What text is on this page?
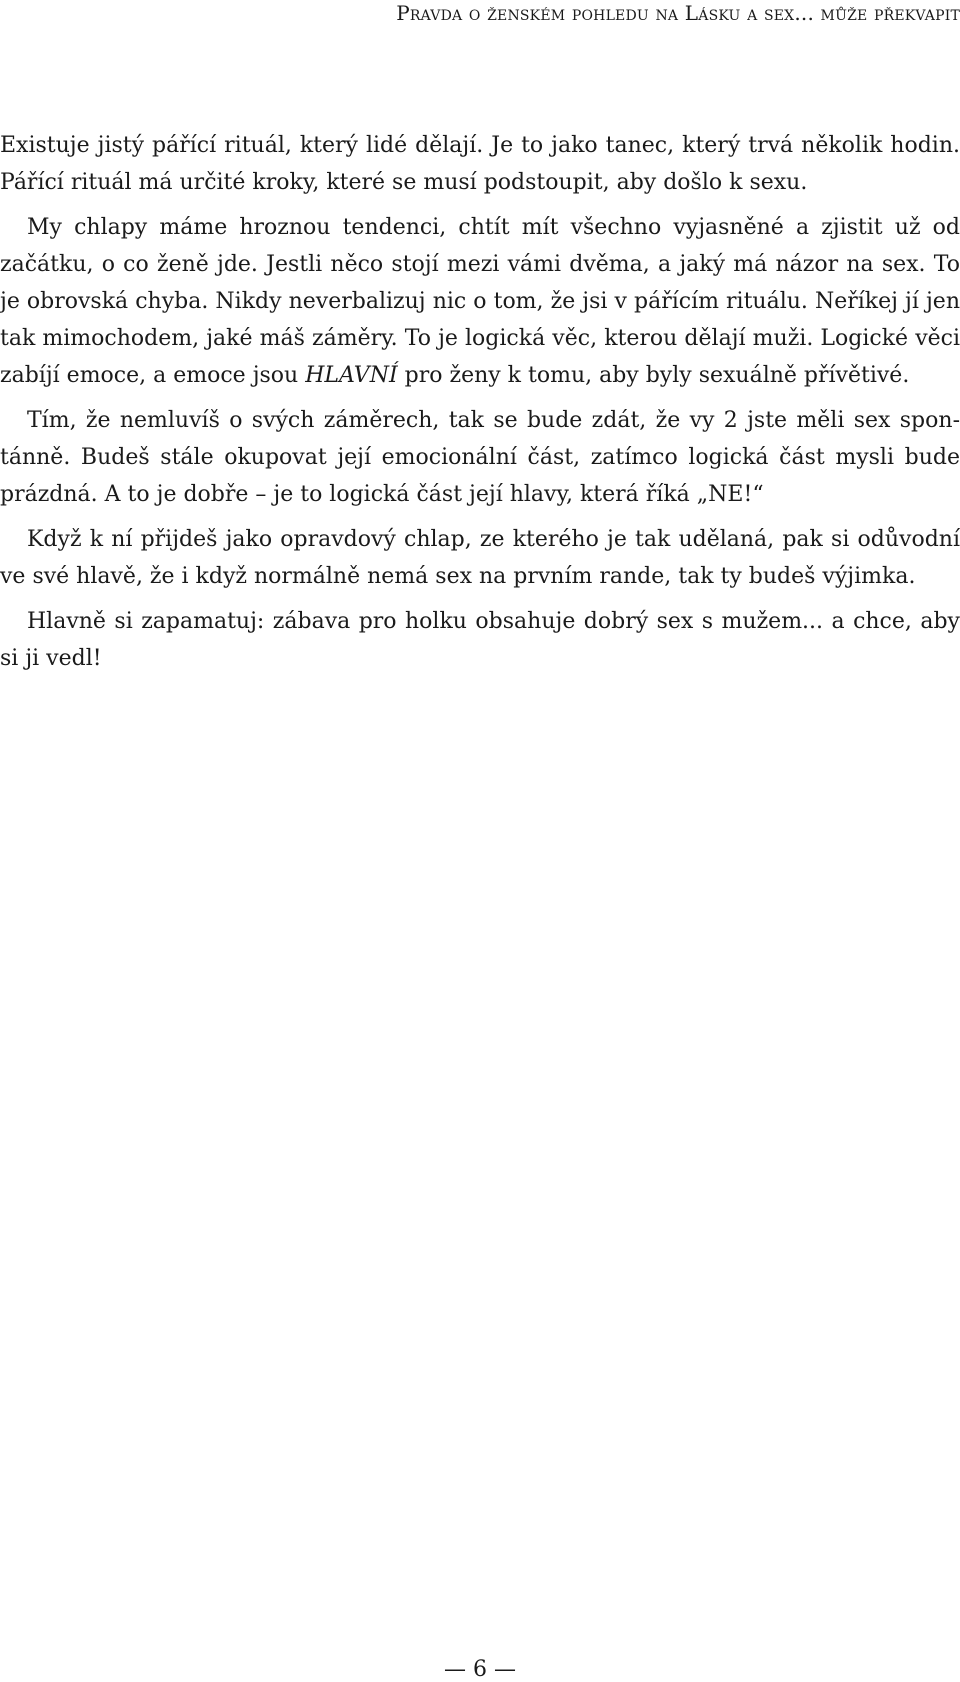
Pravda o ženském pohledu na Lásku a sex... může překvapit

Existuje jistý pářící rituál, který lidé dělají. Je to jako tanec, který trvá několik hodin. Pářící rituál má určité kroky, které se musí podstoupit, aby došlo k sexu.

My chlapy máme hroznou tendenci, chtít mít všechno vyjasněné a zjistit už od začátku, o co ženě jde. Jestli něco stojí mezi vámi dvěma, a jaký má názor na sex. To je obrovská chyba. Nikdy neverbalizuj nic o tom, že jsi v pářícím rituálu. Neříkej jí jen tak mimochodem, jaké máš záměry. To je logická věc, kterou dělají muži. Logické věci zabíjí emoce, a emoce jsou HLAVNÍ pro ženy k tomu, aby byly sexuálně přívětivé.

Tím, že nemluvíš o svých záměrech, tak se bude zdát, že vy 2 jste měli sex spontánně. Budeš stále okupovat její emocionální část, zatímco logická část mysli bude prázdná. A to je dobře – je to logická část její hlavy, která říká „NE!“

Když k ní přijdeš jako opravdový chlap, ze kterého je tak udělaná, pak si odůvodní ve své hlavě, že i když normálně nemá sex na prvním rande, tak ty budeš výjimka.

Hlavně si zapamatuj: zábava pro holku obsahuje dobrý sex s mužem... a chce, aby si ji vedl!

— 6 —
